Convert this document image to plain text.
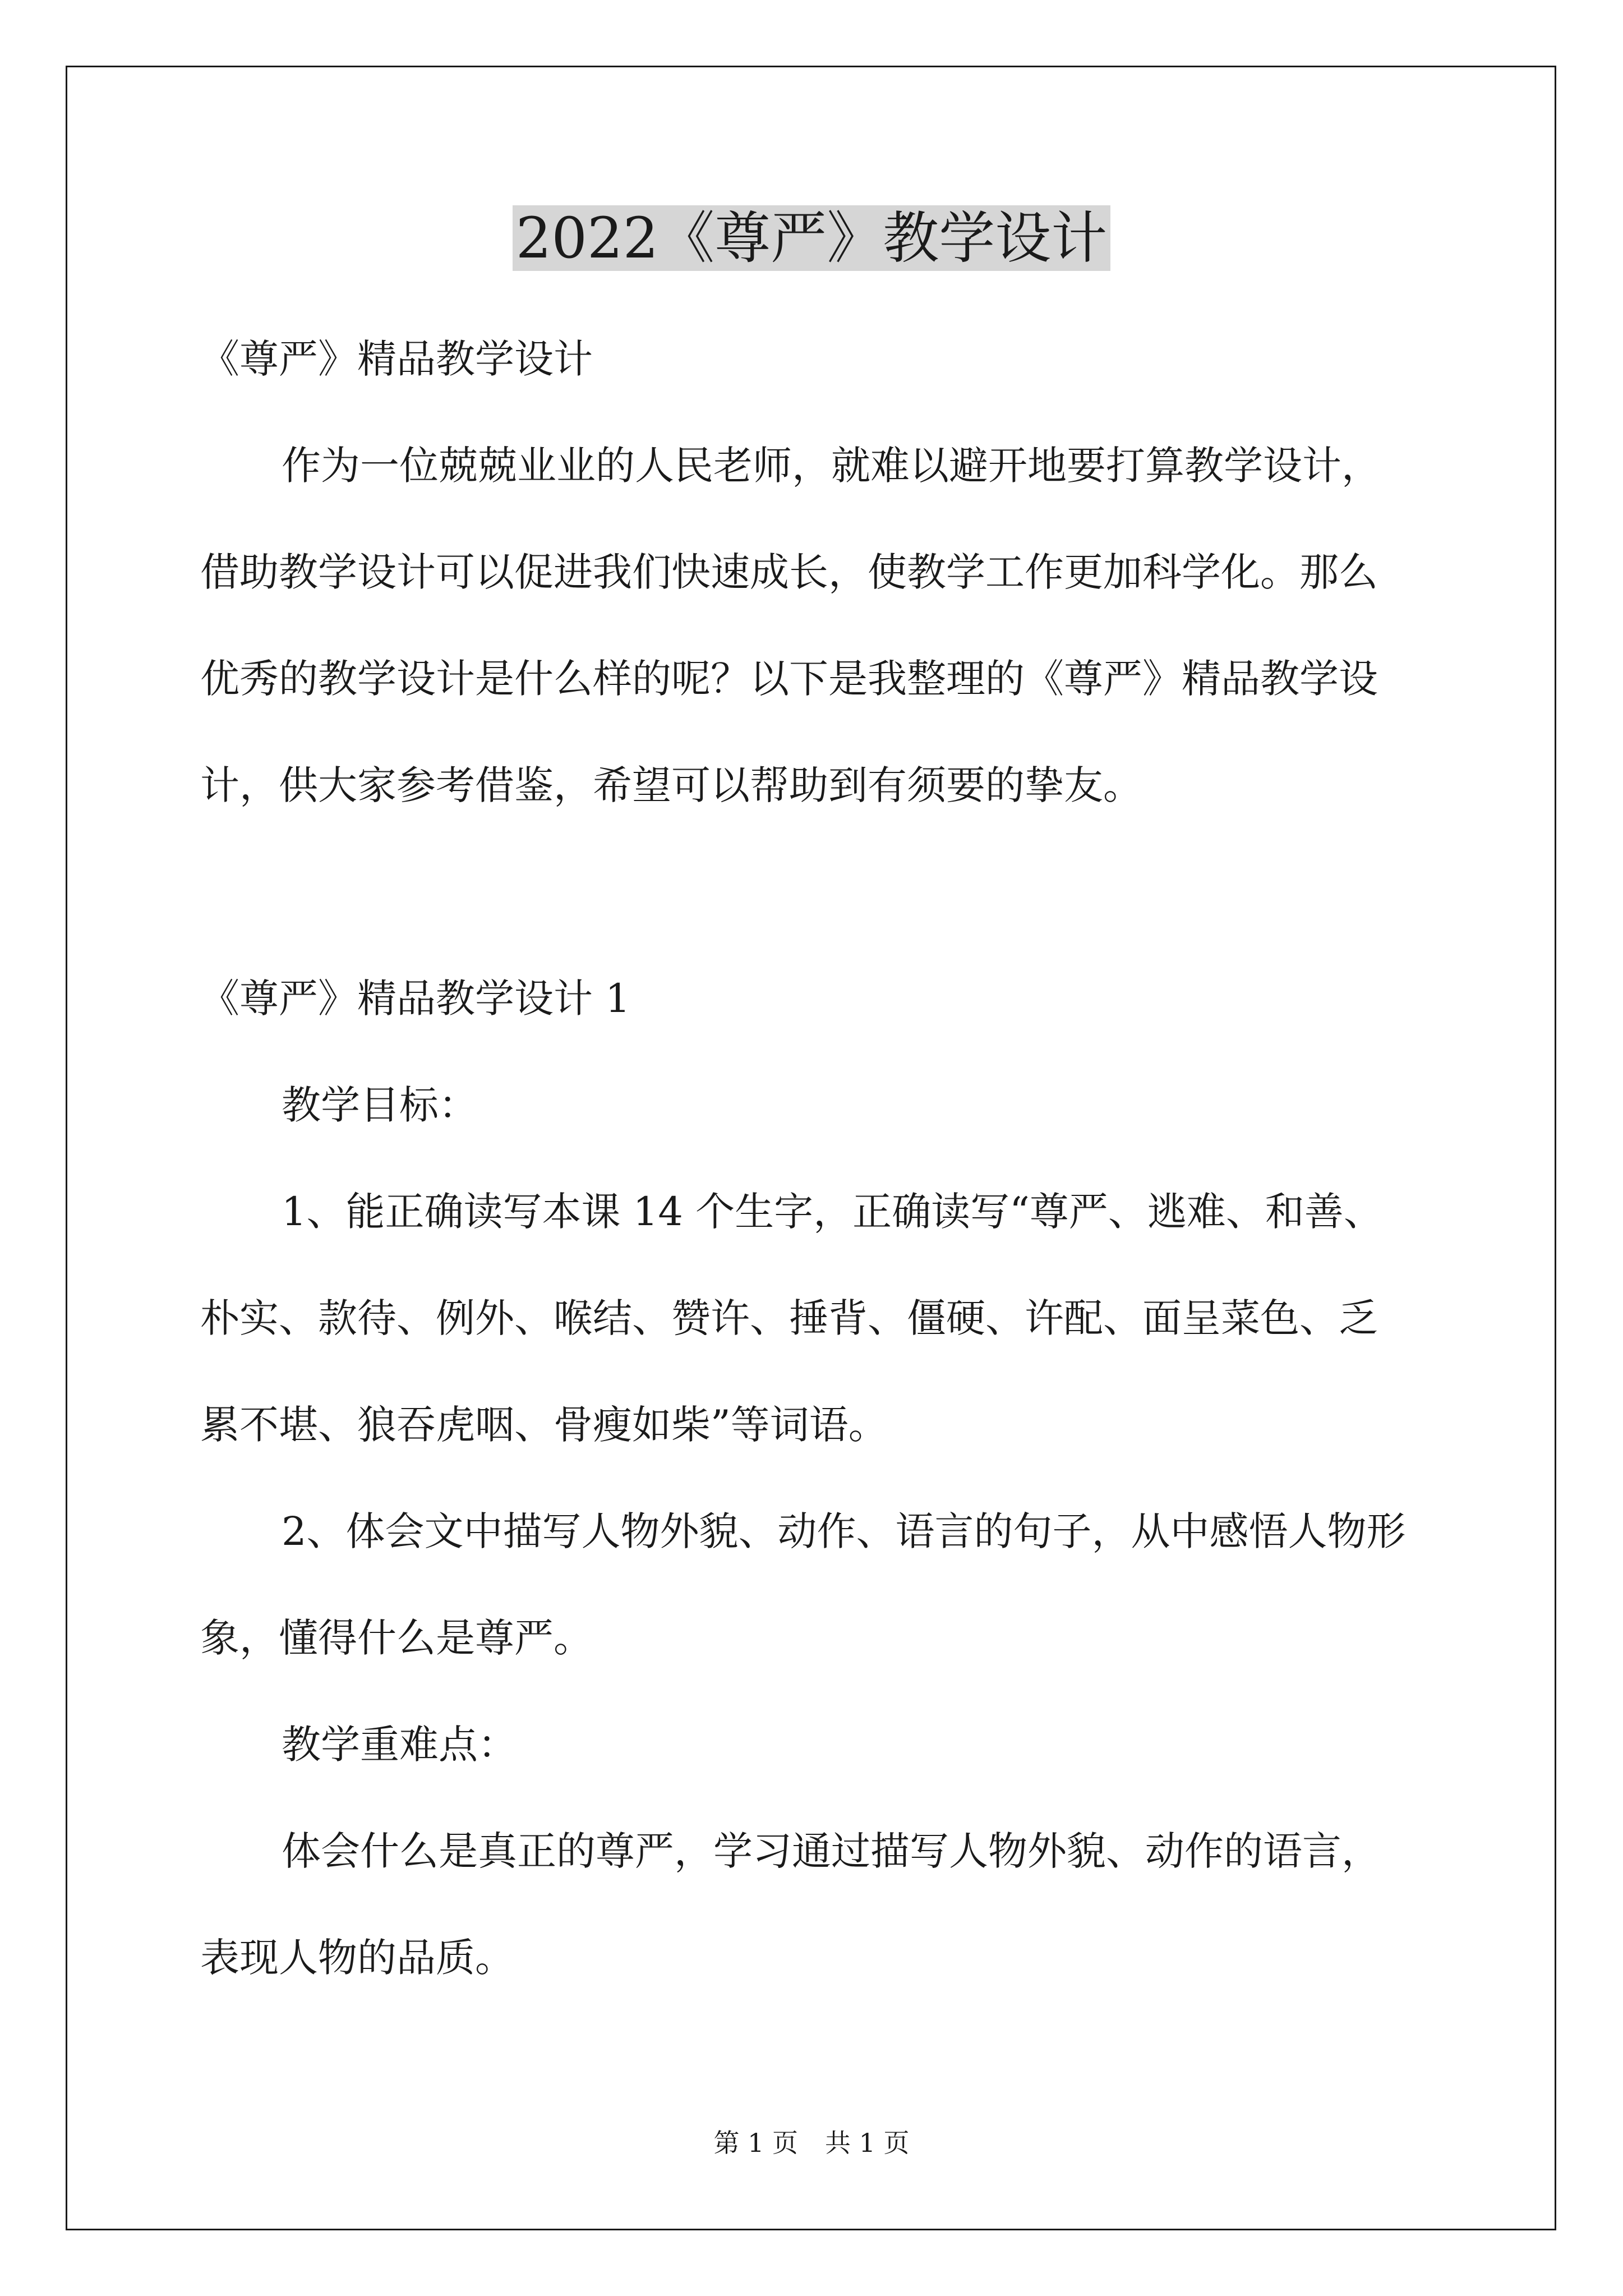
2022《尊严》教学设计

《尊严》精品教学设计

作为一位兢兢业业的人民老师，就难以避开地要打算教学设计，

借助教学设计可以促进我们快速成长，使教学工作更加科学化。那么

优秀的教学设计是什么样的呢？以下是我整理的《尊严》精品教学设

计，供大家参考借鉴，希望可以帮助到有须要的挚友。

《尊严》精品教学设计 1

教学目标：

1、能正确读写本课 14 个生字，正确读写“尊严、逃难、和善、

朴实、款待、例外、喉结、赞许、捶背、僵硬、许配、面呈菜色、乏

累不堪、狼吞虎咽、骨瘦如柴”等词语。

2、体会文中描写人物外貌、动作、语言的句子，从中感悟人物形

象，懂得什么是尊严。

教学重难点：

体会什么是真正的尊严，学习通过描写人物外貌、动作的语言，

表现人物的品质。

第 1 页 共 1 页
